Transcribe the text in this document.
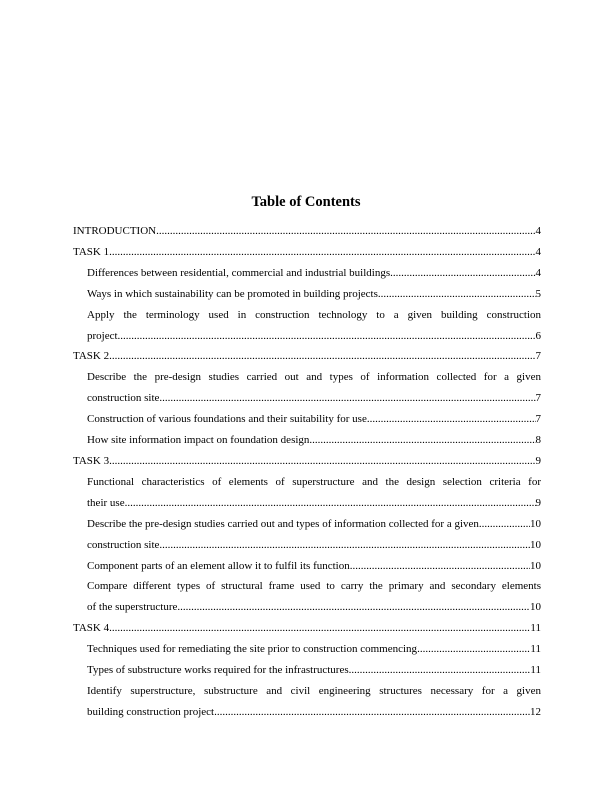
Table of Contents
INTRODUCTION .....	4
TASK 1 .....	4
Differences between residential, commercial and industrial buildings .....	4
Ways in which sustainability can be promoted in building projects .....	5
Apply the terminology used in construction technology to a given building construction
project .....	6
TASK 2 .....	7
Describe the pre-design studies carried out and types of information collected for a given
construction site .....	7
Construction of various foundations and their suitability for use .....	7
How site information impact on foundation design .....	8
TASK 3 .....	9
Functional characteristics of elements of superstructure and the design selection criteria for
their use .....	9
Describe the pre-design studies carried out and types of information collected for a given. .....	10
construction site .....	10
Component parts of an element allow it to fulfil its function .....	10
Compare different types of structural frame used to carry the primary and secondary elements
of the superstructure .....	10
TASK 4 .....	11
Techniques used for remediating the site prior to construction commencing .....	11
Types of substructure works required for the infrastructures .....	11
Identify superstructure, substructure and civil engineering structures necessary for a given
building construction project .....	12
